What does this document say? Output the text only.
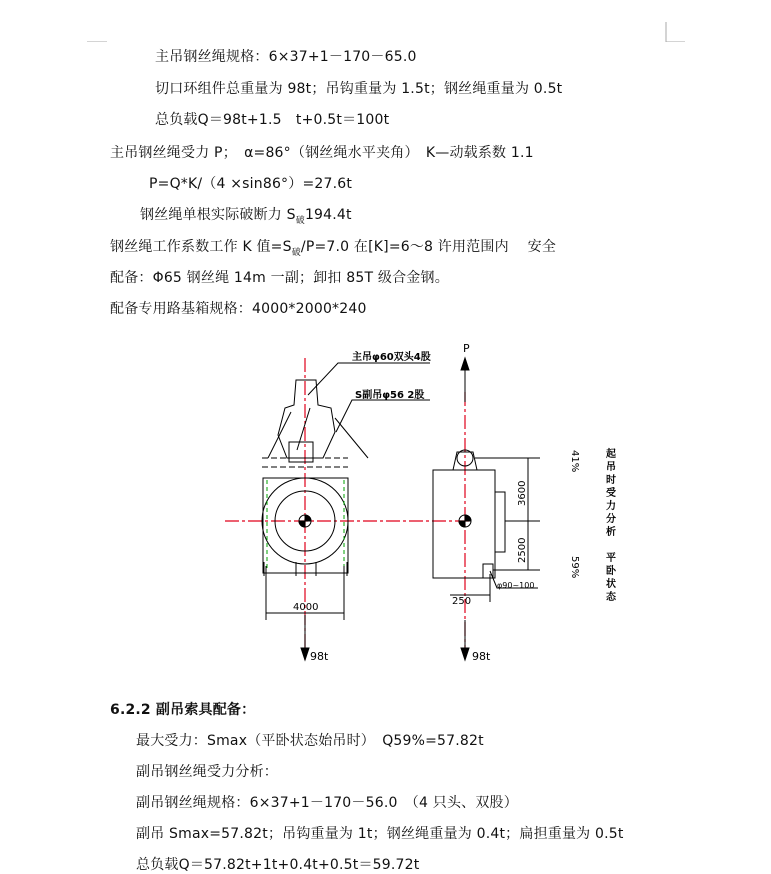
主吊钢丝绳规格：6×37+1－170－65.0
切口环组件总重量为 98t；吊钩重量为 1.5t；钢丝绳重量为 0.5t
总负载Q＝98t+1.5　t+0.5t＝100t
主吊钢丝绳受力 P；　α=86°（钢丝绳水平夹角）　K—动载系数 1.1
P=Q*K/（4 ×sin86°）=27.6t
钢丝绳单根实际破断力 $S_破194.4t$
钢丝绳工作系数工作 K 值$=S_破/P=7.0$ 在[K]=6～8 许用范围内　 安全
配备：Φ65 钢丝绳 14m 一副；卸扣 85T 级合金钢。
配备专用路基箱规格：4000*2000*240
主吊φ60双头4股
S副吊φ56 2股
4000
98t
P
3600
2500
250
φ90~100
98t
41%
59%
起吊时受力分析
平卧状态
6.2.2 副吊索具配备：
最大受力：Smax（平卧状态始吊时）　Q59%=57.82t
副吊钢丝绳受力分析：
副吊钢丝绳规格：6×37+1－170－56.0　（4 只头、双股）
副吊 Smax=57.82t；吊钩重量为 1t；钢丝绳重量为 0.4t；扁担重量为 0.5t
总负载Q＝57.82t+1t+0.4t+0.5t＝59.72t
